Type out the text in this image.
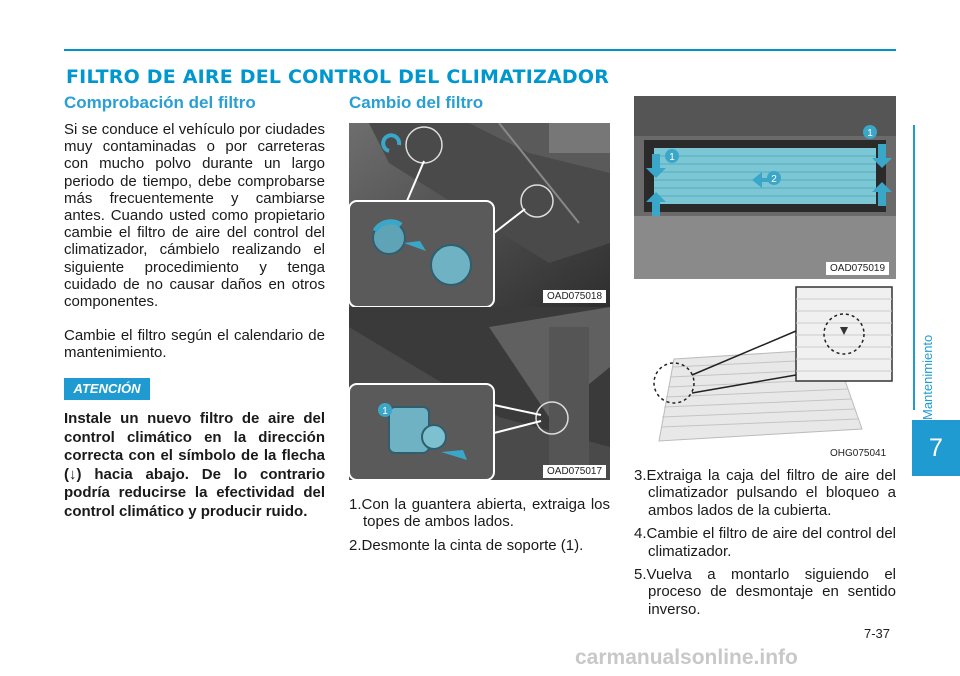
FILTRO DE AIRE DEL CONTROL DEL CLIMATIZADOR
Comprobación del filtro

Si se conduce el vehículo por ciudades muy contaminadas o por carreteras con mucho polvo durante un largo periodo de tiempo, debe comprobarse más frecuentemente y cambiarse antes. Cuando usted como propietario cambie el filtro de aire del control del climatizador, cámbielo realizando el siguiente procedimiento y tenga cuidado de no causar daños en otros componentes.

Cambie el filtro según el calendario de mantenimiento.

ATENCIÓN

Instale un nuevo filtro de aire del control climático en la dirección correcta con el símbolo de la flecha (↓) hacia abajo. De lo contrario podría reducirse la efectividad del control climático y producir ruido.

Cambio del filtro
OAD075018
1
OAD075017
1.Con la guantera abierta, extraiga los topes de ambos lados.
2.Desmonte la cinta de soporte (1).
1
1
2
OAD075019
OHG075041
3.Extraiga la caja del filtro de aire del climatizador pulsando el bloqueo a ambos lados de la cubierta.
4.Cambie el filtro de aire del control del climatizador.
5.Vuelva a montarlo siguiendo el proceso de desmontaje en sentido inverso.
Mantenimiento
7
7-37
carmanualsonline.info
